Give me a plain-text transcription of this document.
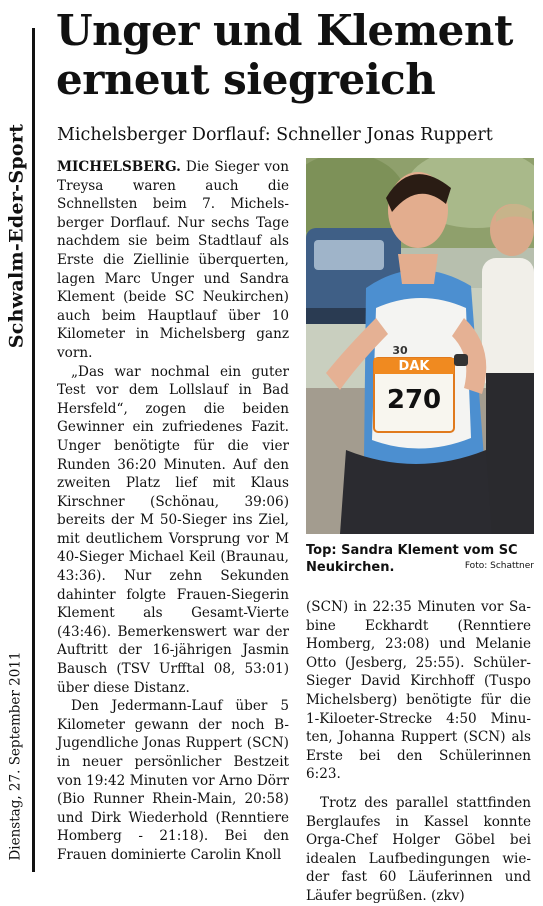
Schwalm-Eder-Sport
Dienstag, 27. September 2011
Unger und Klement erneut siegreich

Michelsberger Dorflauf: Schneller Jonas Ruppert

MICHELSBERG. Die Sieger von Treysa waren auch die Schnellsten beim 7. Michelsberger Dorflauf. Nur sechs Tage nachdem sie beim Stadtlauf als Erste die Ziellinie überquerten, lagen Marc Unger und Sandra Klement (beide SC Neukirchen) auch beim Hauptlauf über 10 Kilometer in Michelsberg ganz vorn.

„Das war nochmal ein guter Test vor dem Lollslauf in Bad Hersfeld“, zogen die beiden Gewinner ein zufriedenes Fazit. Unger benötigte für die vier Runden 36:20 Minuten. Auf den zweiten Platz lief mit Klaus Kirschner (Schönau, 39:06) bereits der M 50-Sieger ins Ziel, mit deutlichem Vorsprung vor M 40-Sieger Michael Keil (Braunau, 43:36). Nur zehn Sekunden dahinter folgte Frauen-Siegerin Klement als Gesamt-Vierte (43:46). Bemerkenswert war der Auftritt der 16-jährigen Jasmin Bausch (TSV Urfftal 08, 53:01) über diese Distanz.

Den Jedermann-Lauf über 5 Kilometer gewann der noch B-Jugendliche Jonas Ruppert (SCN) in neuer persönlicher Bestzeit von 19:42 Minuten vor Arno Dörr (Bio Runner Rhein-Main, 20:58) und Dirk Wiederhold (Renntiere Homberg - 21:18). Bei den Frauen dominierte Carolin Knoll

DAK
270
30

Top: Sandra Klement vom SC Neukirchen.	Foto: Schattner

(SCN) in 22:35 Minuten vor Sabine Eckhardt (Renntiere Homberg, 23:08) und Melanie Otto (Jesberg, 25:55). Schüler-Sieger David Kirchhoff (Tuspo Michelsberg) benötigte für die 1-Kiloeter-Strecke 4:50 Minuten, Johanna Ruppert (SCN) als Erste bei den Schülerinnen 6:23.

Trotz des parallel stattfinden Berglaufes in Kassel konnte Orga-Chef Holger Göbel bei idealen Laufbedingungen wieder fast 60 Läuferinnen und Läufer begrüßen. (zkv)
